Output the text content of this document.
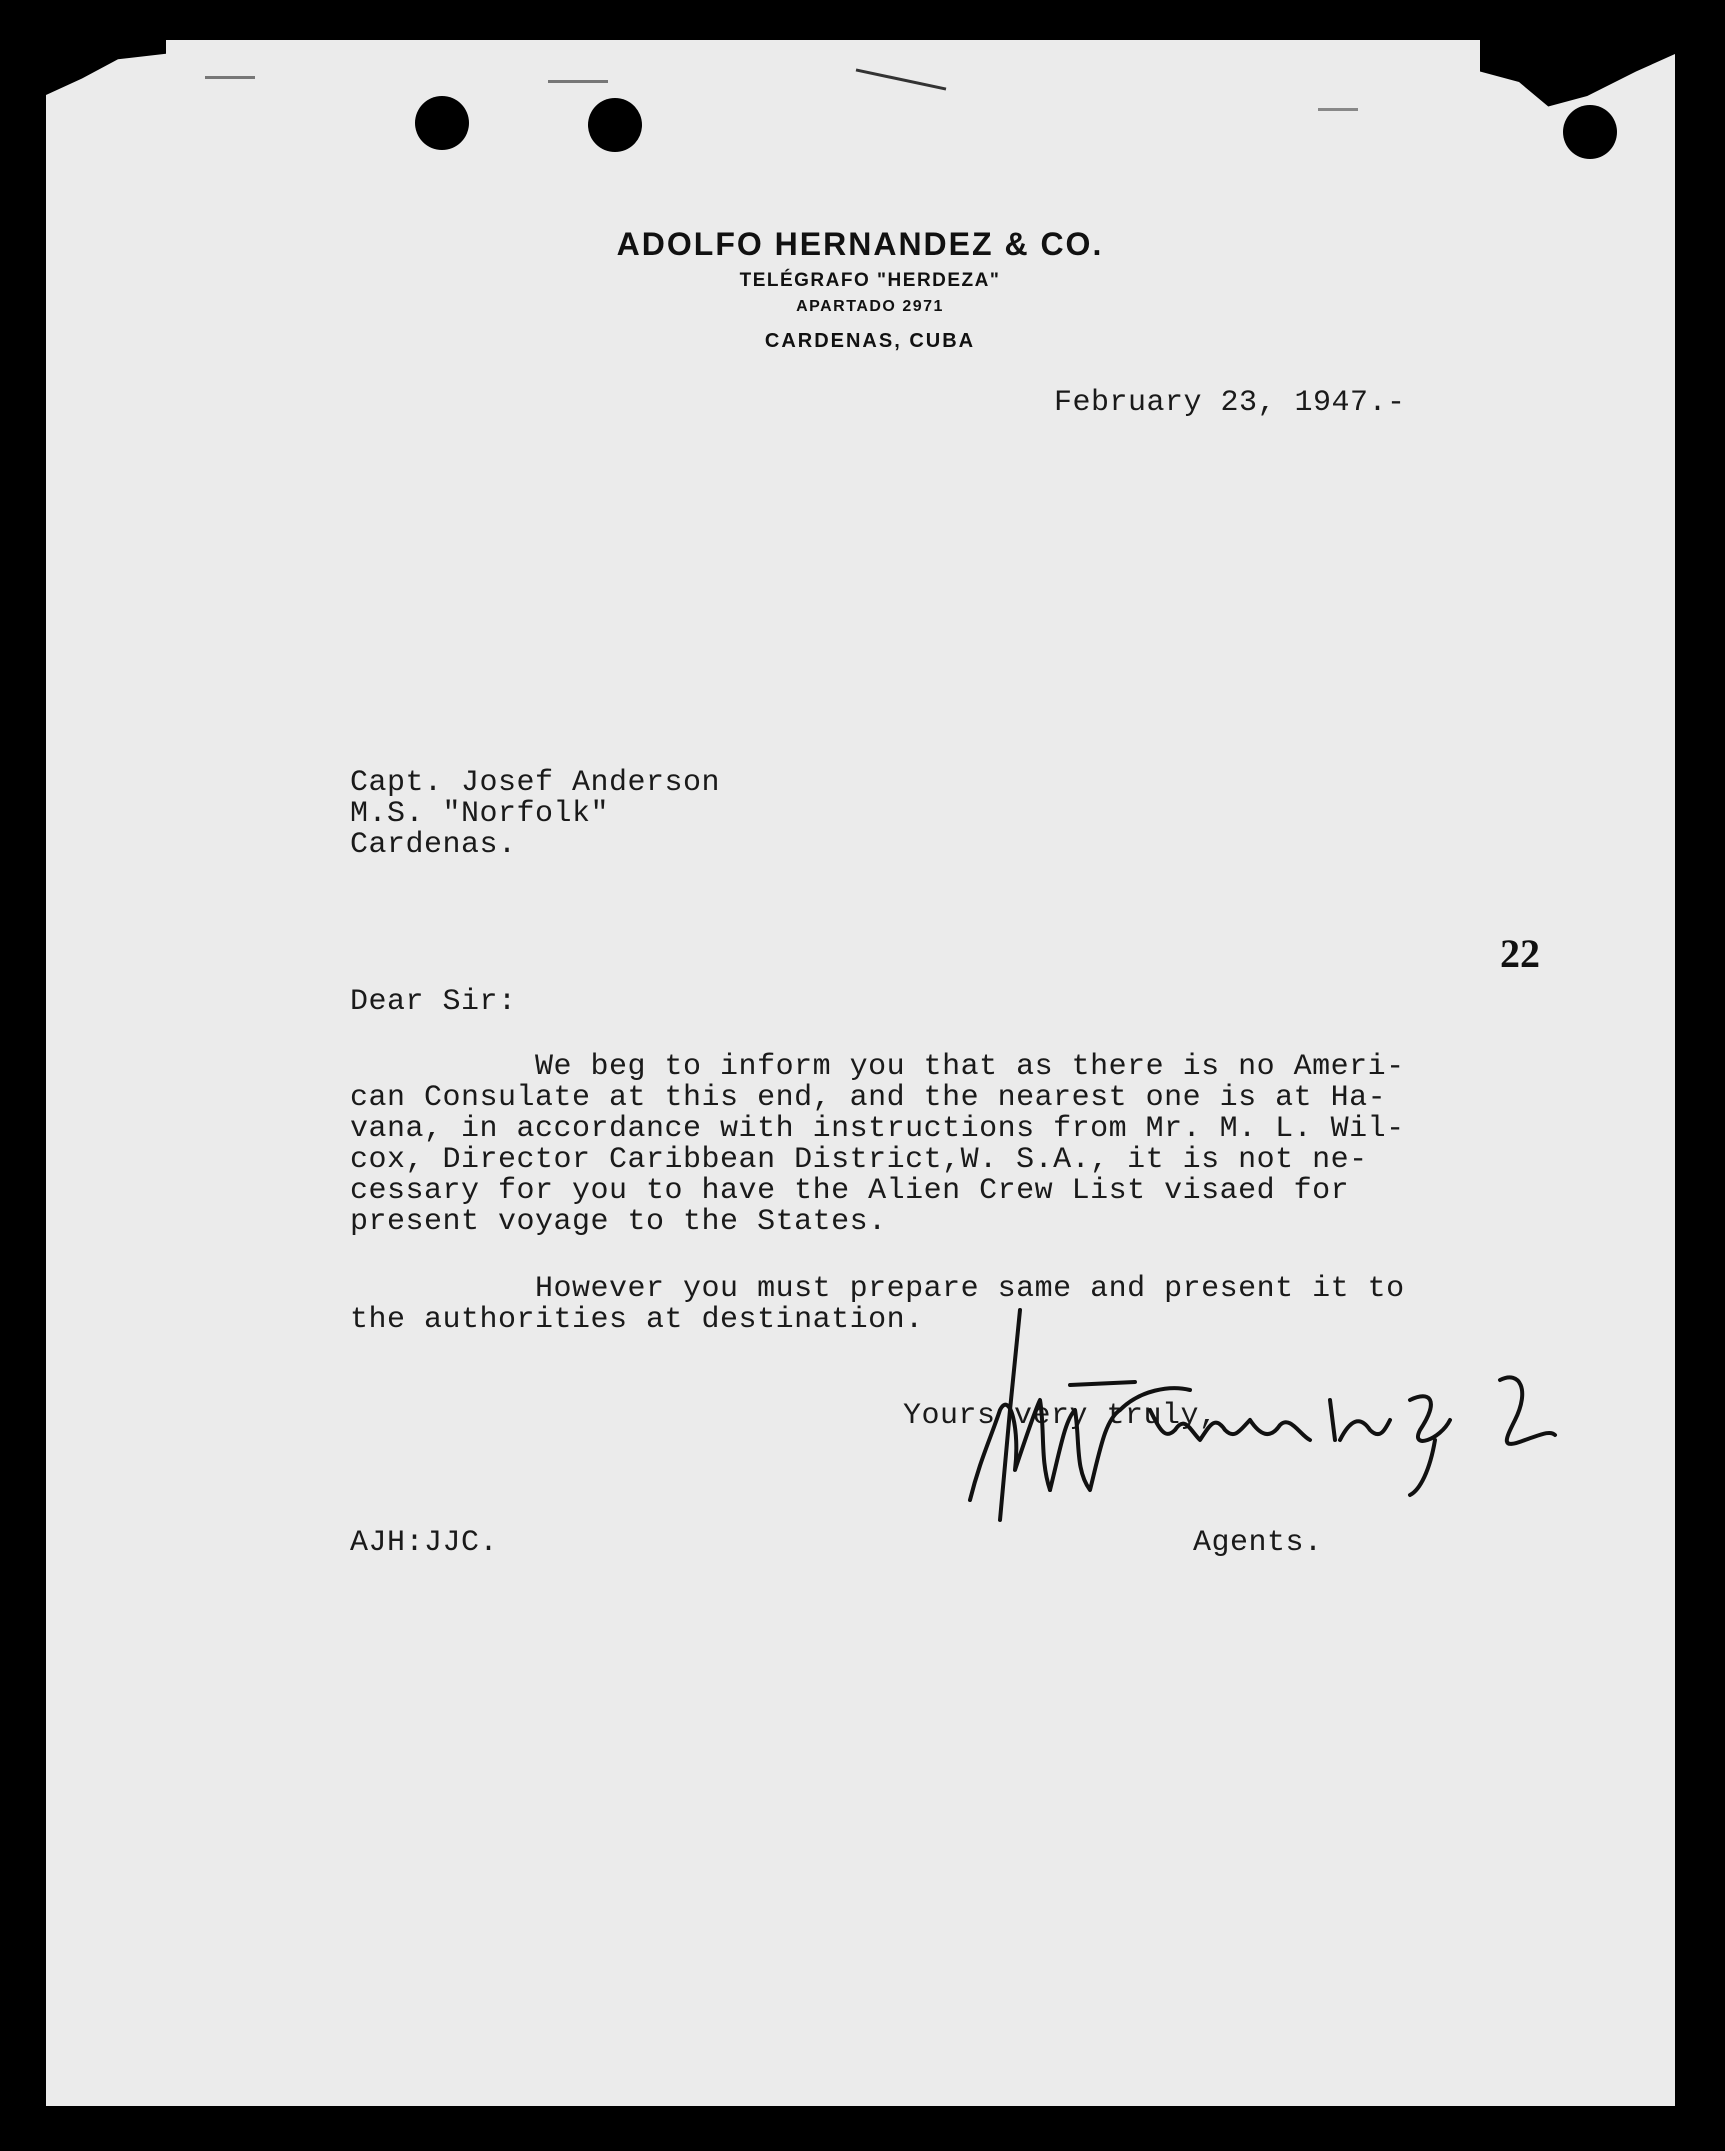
ADOLFO HERNANDEZ & CO.
TELÉGRAFO "HERDEZA"
APARTADO 2971
CARDENAS, CUBA
February 23, 1947.-
Capt. Josef Anderson
M.S. "Norfolk"
Cardenas.
22
Dear Sir:
We beg to inform you that as there is no Ameri-
can Consulate at this end, and the nearest one is at Ha-
vana, in accordance with instructions from Mr. M. L. Wil-
cox, Director Caribbean District,W. S.A., it is not ne-
cessary for you to have the Alien Crew List visaed for
present voyage to the States.
However you must prepare same and present it to
the authorities at destination.
Yours very truly,
AJH:JJC.	Agents.
